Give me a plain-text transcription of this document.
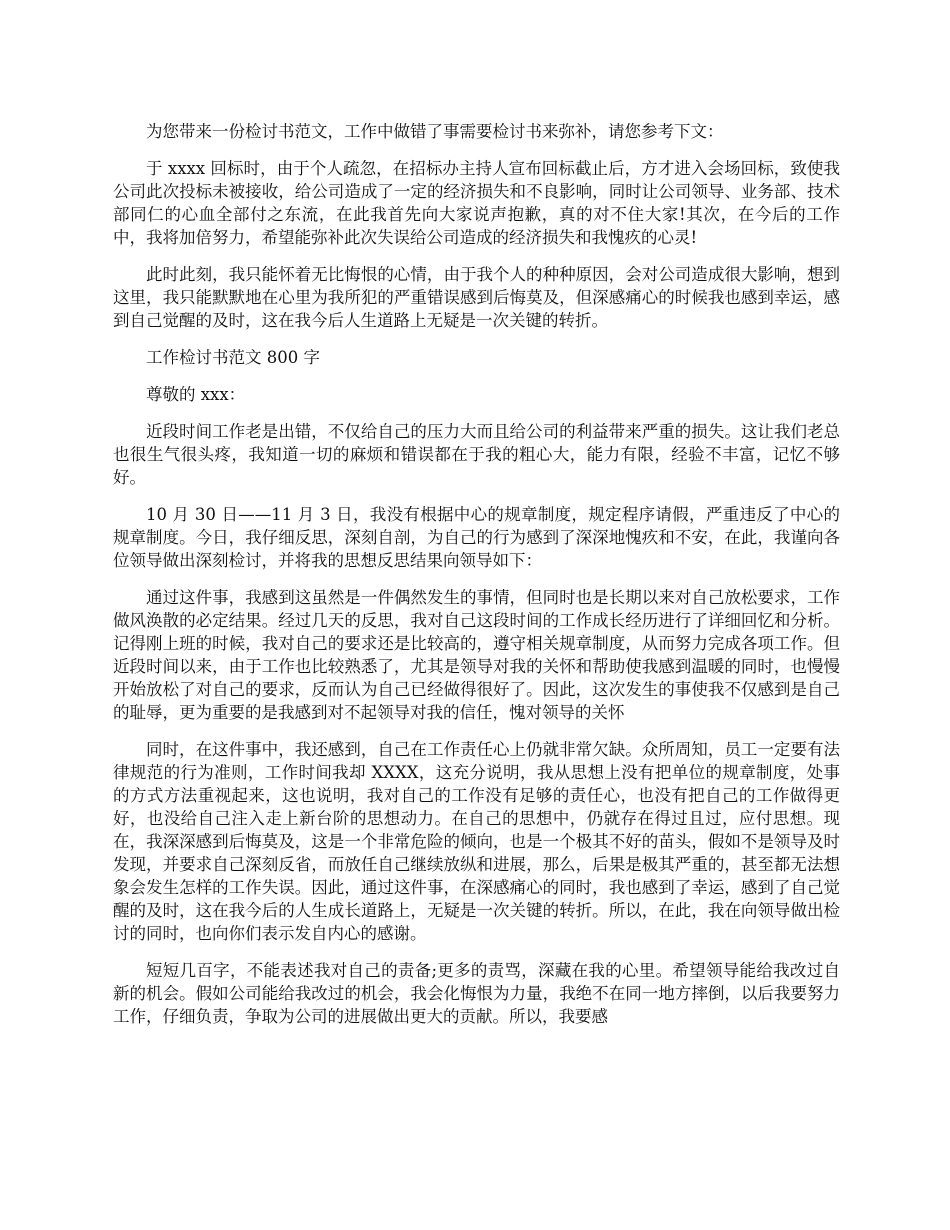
为您带来一份检讨书范文，工作中做错了事需要检讨书来弥补，请您参考下文：

于 xxxx 回标时，由于个人疏忽，在招标办主持人宣布回标截止后，方才进入会场回标，致使我公司此次投标未被接收，给公司造成了一定的经济损失和不良影响，同时让公司领导、业务部、技术部同仁的心血全部付之东流，在此我首先向大家说声抱歉，真的对不住大家!其次，在今后的工作中，我将加倍努力，希望能弥补此次失误给公司造成的经济损失和我愧疚的心灵!

此时此刻，我只能怀着无比悔恨的心情，由于我个人的种种原因，会对公司造成很大影响，想到这里，我只能默默地在心里为我所犯的严重错误感到后悔莫及，但深感痛心的时候我也感到幸运，感到自己觉醒的及时，这在我今后人生道路上无疑是一次关键的转折。

工作检讨书范文 800 字

尊敬的 xxx：

近段时间工作老是出错，不仅给自己的压力大而且给公司的利益带来严重的损失。这让我们老总也很生气很头疼，我知道一切的麻烦和错误都在于我的粗心大，能力有限，经验不丰富，记忆不够好。

10 月 30 日——11 月 3 日，我没有根据中心的规章制度，规定程序请假，严重违反了中心的规章制度。今日，我仔细反思，深刻自剖，为自己的行为感到了深深地愧疚和不安，在此，我谨向各位领导做出深刻检讨，并将我的思想反思结果向领导如下：

通过这件事，我感到这虽然是一件偶然发生的事情，但同时也是长期以来对自己放松要求，工作做风涣散的必定结果。经过几天的反思，我对自己这段时间的工作成长经历进行了详细回忆和分析。记得刚上班的时候，我对自己的要求还是比较高的，遵守相关规章制度，从而努力完成各项工作。但近段时间以来，由于工作也比较熟悉了，尤其是领导对我的关怀和帮助使我感到温暖的同时，也慢慢开始放松了对自己的要求，反而认为自己已经做得很好了。因此，这次发生的事使我不仅感到是自己的耻辱，更为重要的是我感到对不起领导对我的信任，愧对领导的关怀

同时，在这件事中，我还感到，自己在工作责任心上仍就非常欠缺。众所周知，员工一定要有法律规范的行为准则，工作时间我却 XXXX，这充分说明，我从思想上没有把单位的规章制度，处事的方式方法重视起来，这也说明，我对自己的工作没有足够的责任心，也没有把自己的工作做得更好，也没给自己注入走上新台阶的思想动力。在自己的思想中，仍就存在得过且过，应付思想。现在，我深深感到后悔莫及，这是一个非常危险的倾向，也是一个极其不好的苗头，假如不是领导及时发现，并要求自己深刻反省，而放任自己继续放纵和进展，那么，后果是极其严重的，甚至都无法想象会发生怎样的工作失误。因此，通过这件事，在深感痛心的同时，我也感到了幸运，感到了自己觉醒的及时，这在我今后的人生成长道路上，无疑是一次关键的转折。所以，在此，我在向领导做出检讨的同时，也向你们表示发自内心的感谢。

短短几百字，不能表述我对自己的责备;更多的责骂，深藏在我的心里。希望领导能给我改过自新的机会。假如公司能给我改过的机会，我会化悔恨为力量，我绝不在同一地方摔倒，以后我要努力工作，仔细负责，争取为公司的进展做出更大的贡献。所以，我要感
